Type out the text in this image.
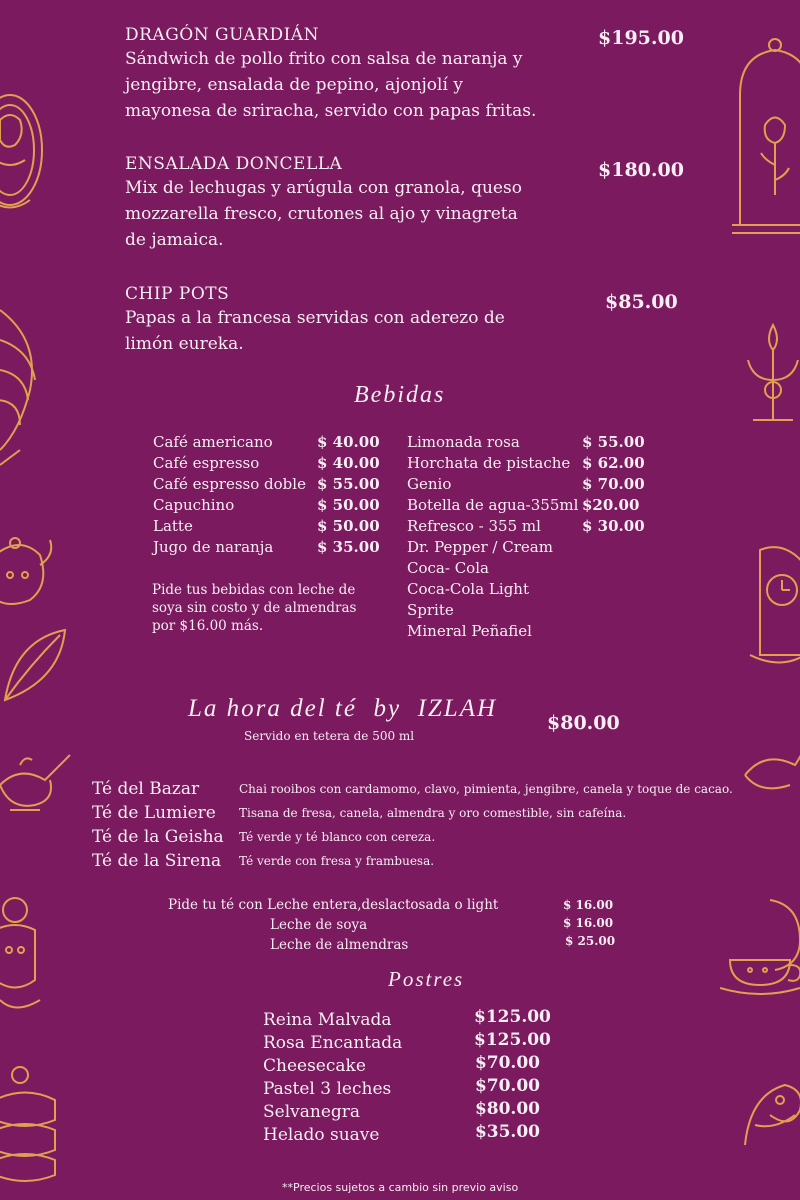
DRAGÓN GUARDIÁN
Sándwich de pollo frito con salsa de naranja y
jengibre, ensalada de pepino, ajonjolí y
mayonesa de sriracha, servido con papas fritas.
$195.00
ENSALADA DONCELLA
Mix de lechugas y arúgula con granola, queso
mozzarella fresco, crutones al ajo y vinagreta
de jamaica.
$180.00
CHIP POTS
Papas a la francesa servidas con aderezo de
limón eureka.
$85.00
Bebidas
Café americano
Café espresso
Café espresso doble
Capuchino
Latte
Jugo de naranja
$ 40.00
$ 40.00
$ 55.00
$ 50.00
$ 50.00
$ 35.00
Pide tus bebidas con leche de
soya sin costo y de almendras
por $16.00 más.
Limonada rosa
Horchata de pistache
Genio
Botella de agua-355ml
Refresco - 355 ml
Dr. Pepper / Cream
Coca- Cola
Coca-Cola Light
Sprite
Mineral Peñafiel
$ 55.00
$ 62.00
$ 70.00
$20.00
$ 30.00
La hora del té  by  IZLAH
$80.00
Servido en tetera de 500 ml
Té del Bazar
Té de Lumiere
Té de la Geisha
Té de la Sirena
Chai rooibos con cardamomo, clavo, pimienta, jengibre, canela y toque de cacao.
Tisana de fresa, canela, almendra y oro comestible, sin cafeína.
Té verde y té blanco con cereza.
Té verde con fresa y frambuesa.
Pide tu té con Leche entera,deslactosada o light
Leche de soya
Leche de almendras
$ 16.00
$ 16.00
$ 25.00
Postres
Reina Malvada
Rosa Encantada
Cheesecake
Pastel 3 leches
Selvanegra
Helado suave
$125.00
$125.00
$70.00
$70.00
$80.00
$35.00
**Precios sujetos a cambio sin previo aviso
